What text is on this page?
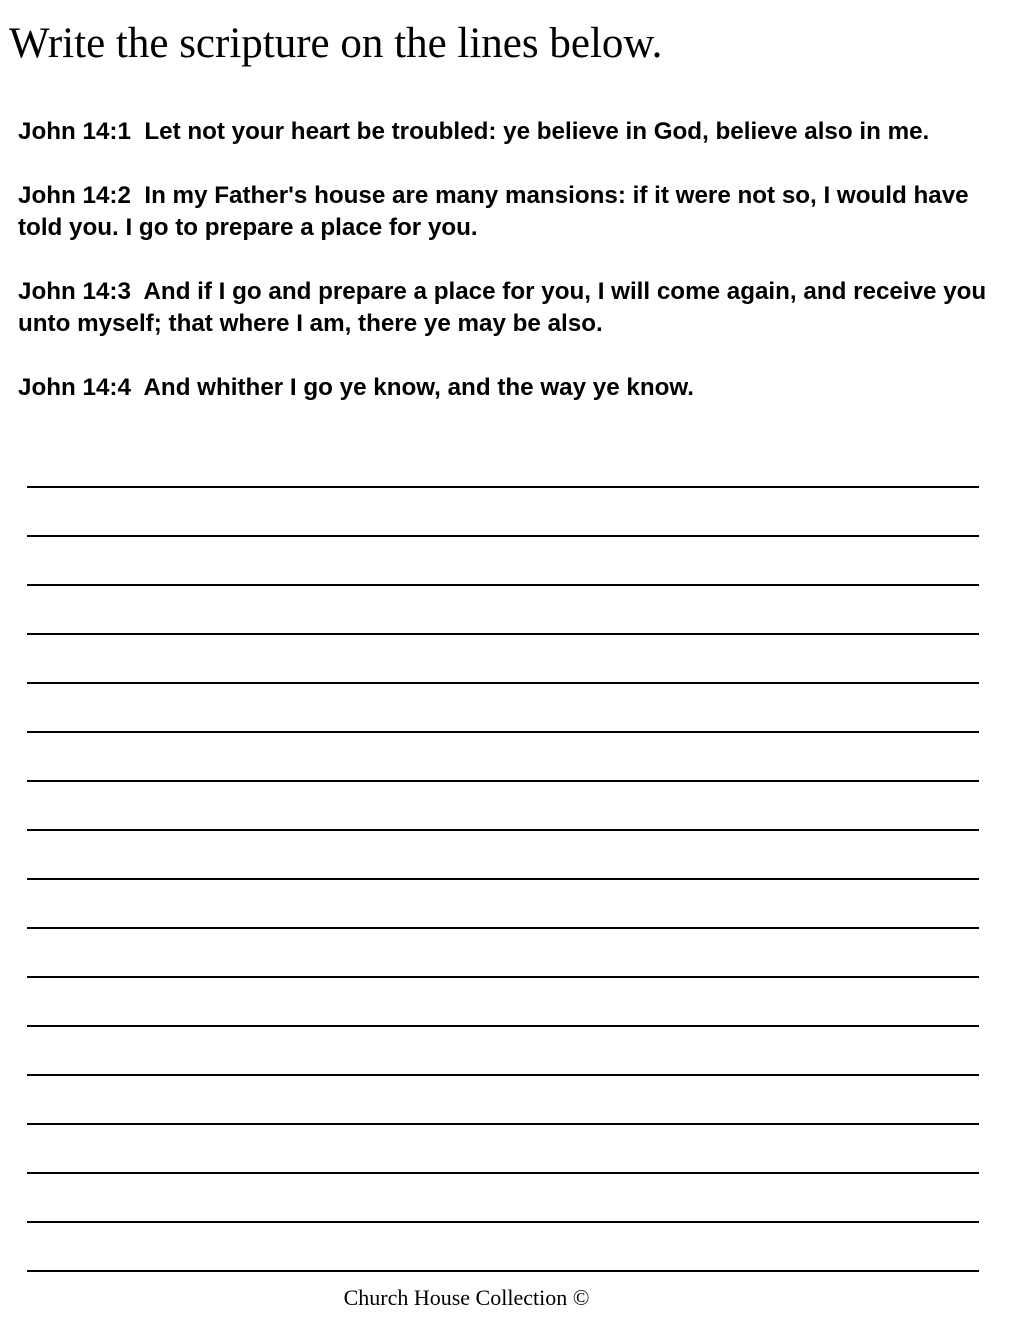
Write the scripture on the lines below.

John 14:1  Let not your heart be troubled: ye believe in God, believe also in me.

John 14:2  In my Father's house are many mansions: if it were not so, I would have told you. I go to prepare a place for you.

John 14:3  And if I go and prepare a place for you, I will come again, and receive you unto myself; that where I am, there ye may be also.

John 14:4  And whither I go ye know, and the way ye know.

Church House Collection ©
